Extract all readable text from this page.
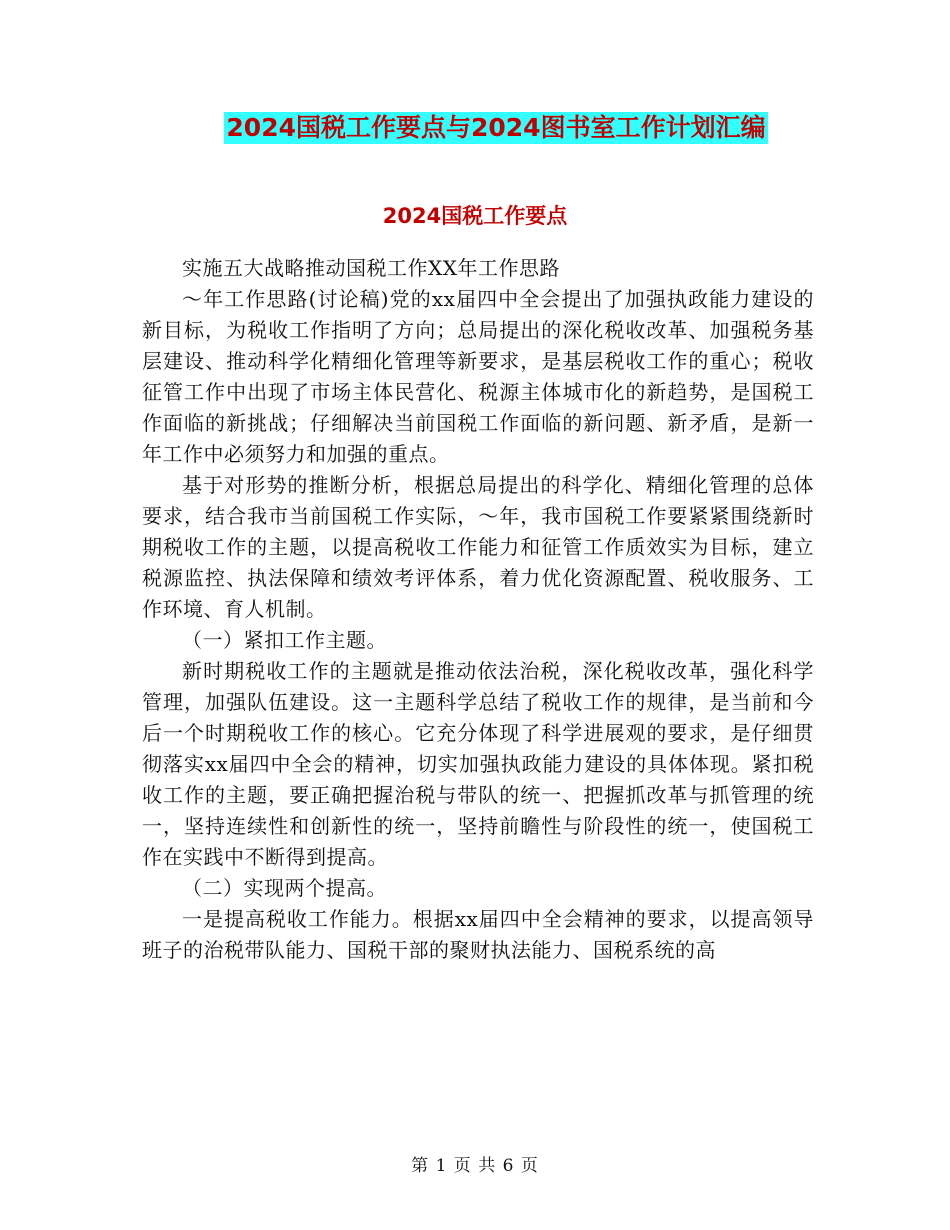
2024国税工作要点与2024图书室工作计划汇编
2024国税工作要点

实施五大战略推动国税工作XX年工作思路

～年工作思路(讨论稿)党的xx届四中全会提出了加强执政能力建设的新目标，为税收工作指明了方向；总局提出的深化税收改革、加强税务基层建设、推动科学化精细化管理等新要求，是基层税收工作的重心；税收征管工作中出现了市场主体民营化、税源主体城市化的新趋势，是国税工作面临的新挑战；仔细解决当前国税工作面临的新问题、新矛盾，是新一年工作中必须努力和加强的重点。

基于对形势的推断分析，根据总局提出的科学化、精细化管理的总体要求，结合我市当前国税工作实际，～年，我市国税工作要紧紧围绕新时期税收工作的主题，以提高税收工作能力和征管工作质效实为目标，建立税源监控、执法保障和绩效考评体系，着力优化资源配置、税收服务、工作环境、育人机制。

（一）紧扣工作主题。

新时期税收工作的主题就是推动依法治税，深化税收改革，强化科学管理，加强队伍建设。这一主题科学总结了税收工作的规律，是当前和今后一个时期税收工作的核心。它充分体现了科学进展观的要求，是仔细贯彻落实xx届四中全会的精神，切实加强执政能力建设的具体体现。紧扣税收工作的主题，要正确把握治税与带队的统一、把握抓改革与抓管理的统一，坚持连续性和创新性的统一，坚持前瞻性与阶段性的统一，使国税工作在实践中不断得到提高。

（二）实现两个提高。

一是提高税收工作能力。根据xx届四中全会精神的要求，以提高领导班子的治税带队能力、国税干部的聚财执法能力、国税系统的高

第 1 页 共 6 页
